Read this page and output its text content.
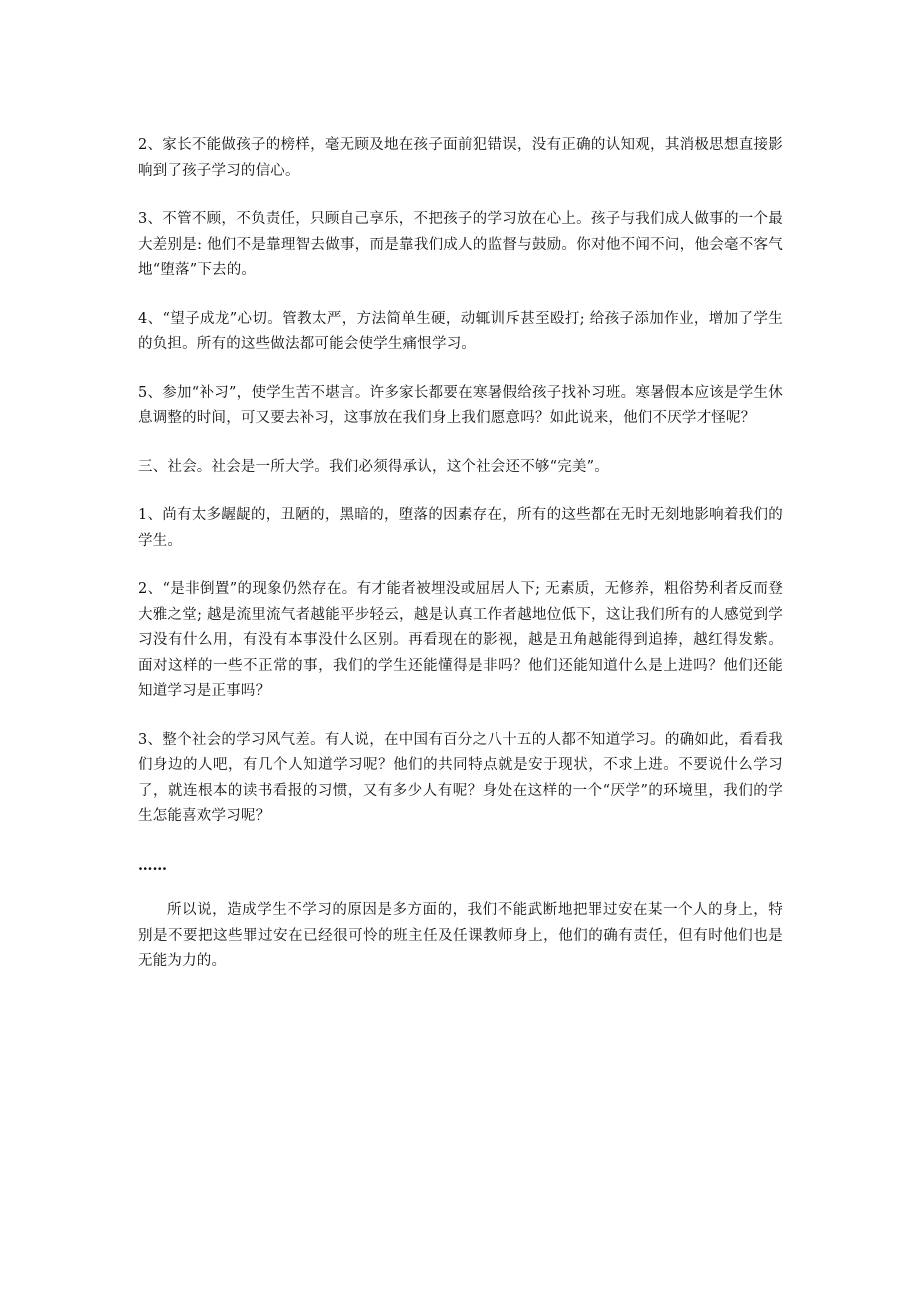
2、家长不能做孩子的榜样，毫无顾及地在孩子面前犯错误，没有正确的认知观，其消极思想直接影响到了孩子学习的信心。

3、不管不顾，不负责任，只顾自己享乐，不把孩子的学习放在心上。孩子与我们成人做事的一个最大差别是: 他们不是靠理智去做事，而是靠我们成人的监督与鼓励。你对他不闻不问，他会毫不客气地“堕落”下去的。

4、“望子成龙”心切。管教太严，方法简单生硬，动辄训斥甚至殴打; 给孩子添加作业，增加了学生的负担。所有的这些做法都可能会使学生痛恨学习。

5、参加“补习”，使学生苦不堪言。许多家长都要在寒暑假给孩子找补习班。寒暑假本应该是学生休息调整的时间，可又要去补习，这事放在我们身上我们愿意吗？如此说来，他们不厌学才怪呢？

三、社会。社会是一所大学。我们必须得承认，这个社会还不够“完美”。

1、尚有太多龌龊的，丑陋的，黑暗的，堕落的因素存在，所有的这些都在无时无刻地影响着我们的学生。

2、“是非倒置”的现象仍然存在。有才能者被埋没或屈居人下; 无素质，无修养，粗俗势利者反而登大雅之堂; 越是流里流气者越能平步轻云，越是认真工作者越地位低下，这让我们所有的人感觉到学习没有什么用，有没有本事没什么区别。再看现在的影视，越是丑角越能得到追捧，越红得发紫。面对这样的一些不正常的事，我们的学生还能懂得是非吗？他们还能知道什么是上进吗？他们还能知道学习是正事吗？

3、整个社会的学习风气差。有人说，在中国有百分之八十五的人都不知道学习。的确如此，看看我们身边的人吧，有几个人知道学习呢？他们的共同特点就是安于现状，不求上进。不要说什么学习了，就连根本的读书看报的习惯，又有多少人有呢？身处在这样的一个“厌学”的环境里，我们的学生怎能喜欢学习呢？

……

所以说，造成学生不学习的原因是多方面的，我们不能武断地把罪过安在某一个人的身上，特别是不要把这些罪过安在已经很可怜的班主任及任课教师身上，他们的确有责任，但有时他们也是无能为力的。
